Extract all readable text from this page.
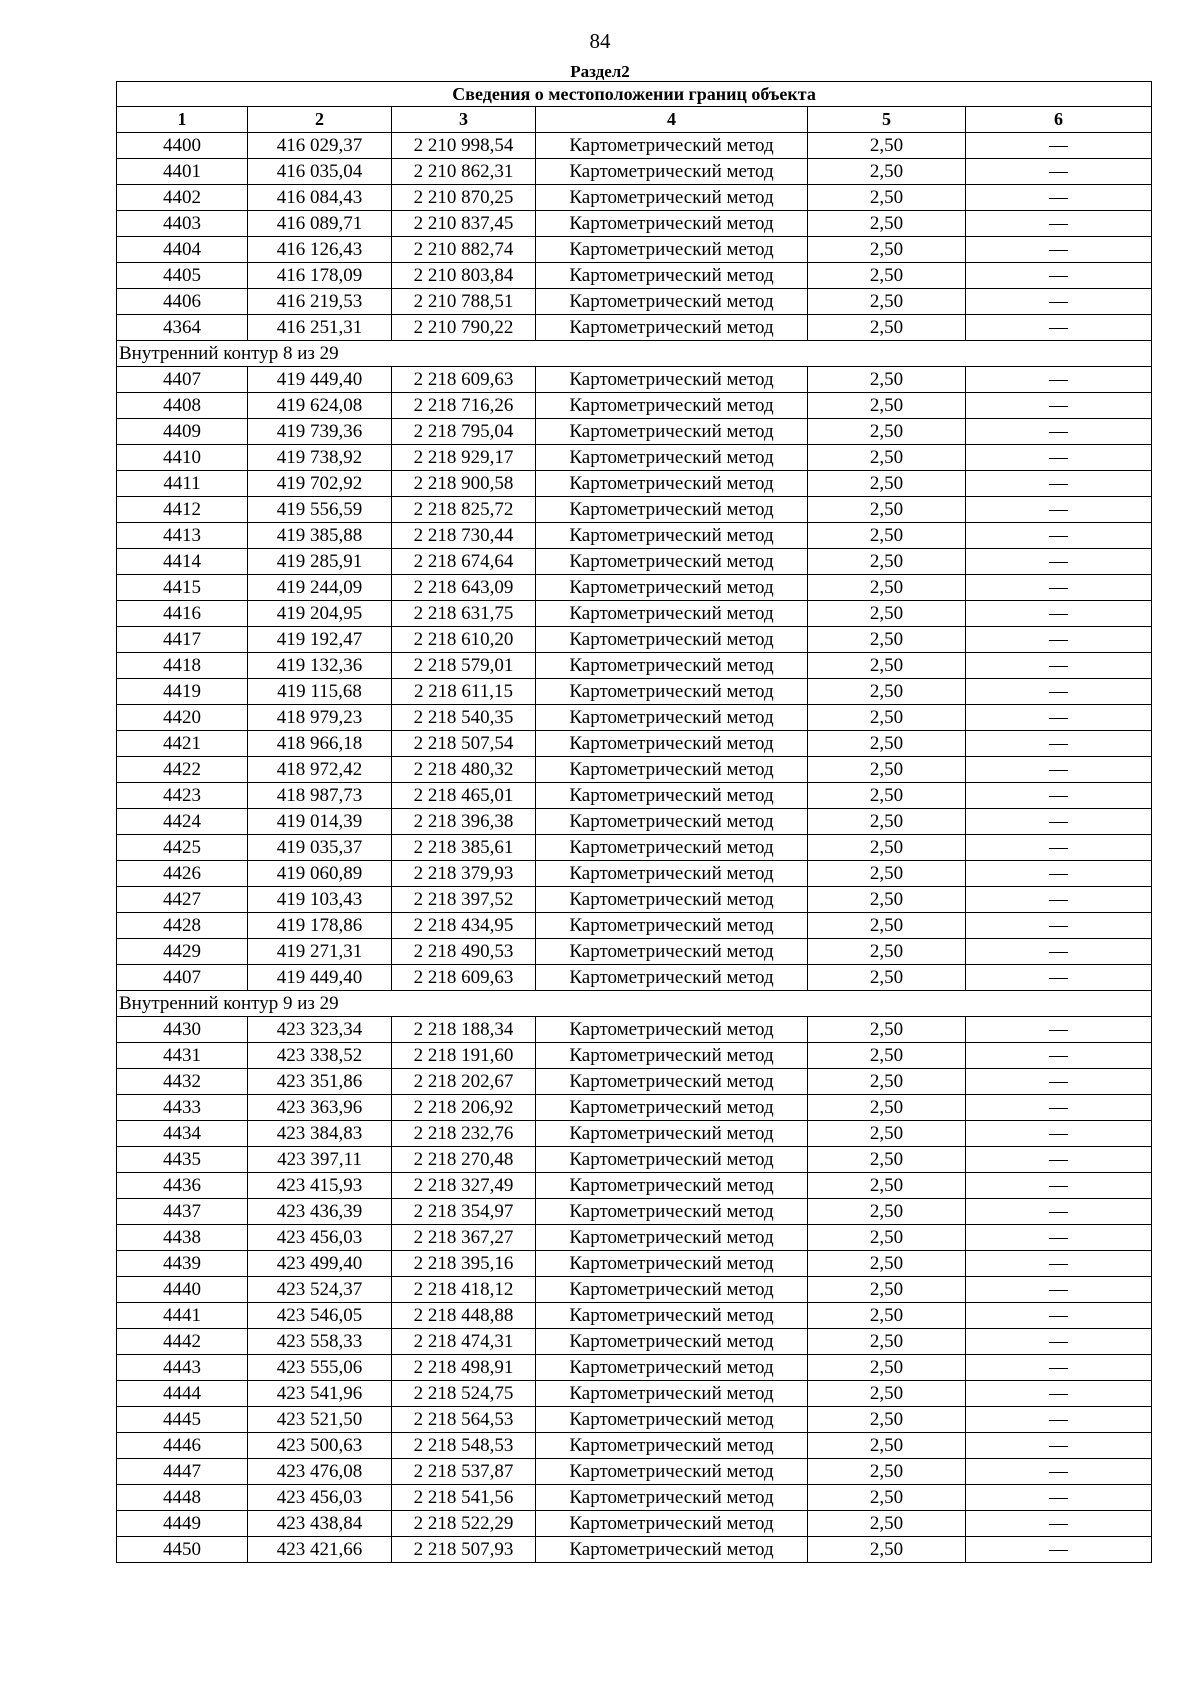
84
Раздел2
Сведения о местоположении границ объекта					
1	2	3	4	5	6
4400	416 029,37	2 210 998,54	Картометрический метод	2,50	—
4401	416 035,04	2 210 862,31	Картометрический метод	2,50	—
4402	416 084,43	2 210 870,25	Картометрический метод	2,50	—
4403	416 089,71	2 210 837,45	Картометрический метод	2,50	—
4404	416 126,43	2 210 882,74	Картометрический метод	2,50	—
4405	416 178,09	2 210 803,84	Картометрический метод	2,50	—
4406	416 219,53	2 210 788,51	Картометрический метод	2,50	—
4364	416 251,31	2 210 790,22	Картометрический метод	2,50	—
Внутренний контур 8 из 29					
4407	419 449,40	2 218 609,63	Картометрический метод	2,50	—
4408	419 624,08	2 218 716,26	Картометрический метод	2,50	—
4409	419 739,36	2 218 795,04	Картометрический метод	2,50	—
4410	419 738,92	2 218 929,17	Картометрический метод	2,50	—
4411	419 702,92	2 218 900,58	Картометрический метод	2,50	—
4412	419 556,59	2 218 825,72	Картометрический метод	2,50	—
4413	419 385,88	2 218 730,44	Картометрический метод	2,50	—
4414	419 285,91	2 218 674,64	Картометрический метод	2,50	—
4415	419 244,09	2 218 643,09	Картометрический метод	2,50	—
4416	419 204,95	2 218 631,75	Картометрический метод	2,50	—
4417	419 192,47	2 218 610,20	Картометрический метод	2,50	—
4418	419 132,36	2 218 579,01	Картометрический метод	2,50	—
4419	419 115,68	2 218 611,15	Картометрический метод	2,50	—
4420	418 979,23	2 218 540,35	Картометрический метод	2,50	—
4421	418 966,18	2 218 507,54	Картометрический метод	2,50	—
4422	418 972,42	2 218 480,32	Картометрический метод	2,50	—
4423	418 987,73	2 218 465,01	Картометрический метод	2,50	—
4424	419 014,39	2 218 396,38	Картометрический метод	2,50	—
4425	419 035,37	2 218 385,61	Картометрический метод	2,50	—
4426	419 060,89	2 218 379,93	Картометрический метод	2,50	—
4427	419 103,43	2 218 397,52	Картометрический метод	2,50	—
4428	419 178,86	2 218 434,95	Картометрический метод	2,50	—
4429	419 271,31	2 218 490,53	Картометрический метод	2,50	—
4407	419 449,40	2 218 609,63	Картометрический метод	2,50	—
Внутренний контур 9 из 29					
4430	423 323,34	2 218 188,34	Картометрический метод	2,50	—
4431	423 338,52	2 218 191,60	Картометрический метод	2,50	—
4432	423 351,86	2 218 202,67	Картометрический метод	2,50	—
4433	423 363,96	2 218 206,92	Картометрический метод	2,50	—
4434	423 384,83	2 218 232,76	Картометрический метод	2,50	—
4435	423 397,11	2 218 270,48	Картометрический метод	2,50	—
4436	423 415,93	2 218 327,49	Картометрический метод	2,50	—
4437	423 436,39	2 218 354,97	Картометрический метод	2,50	—
4438	423 456,03	2 218 367,27	Картометрический метод	2,50	—
4439	423 499,40	2 218 395,16	Картометрический метод	2,50	—
4440	423 524,37	2 218 418,12	Картометрический метод	2,50	—
4441	423 546,05	2 218 448,88	Картометрический метод	2,50	—
4442	423 558,33	2 218 474,31	Картометрический метод	2,50	—
4443	423 555,06	2 218 498,91	Картометрический метод	2,50	—
4444	423 541,96	2 218 524,75	Картометрический метод	2,50	—
4445	423 521,50	2 218 564,53	Картометрический метод	2,50	—
4446	423 500,63	2 218 548,53	Картометрический метод	2,50	—
4447	423 476,08	2 218 537,87	Картометрический метод	2,50	—
4448	423 456,03	2 218 541,56	Картометрический метод	2,50	—
4449	423 438,84	2 218 522,29	Картометрический метод	2,50	—
4450	423 421,66	2 218 507,93	Картометрический метод	2,50	—
